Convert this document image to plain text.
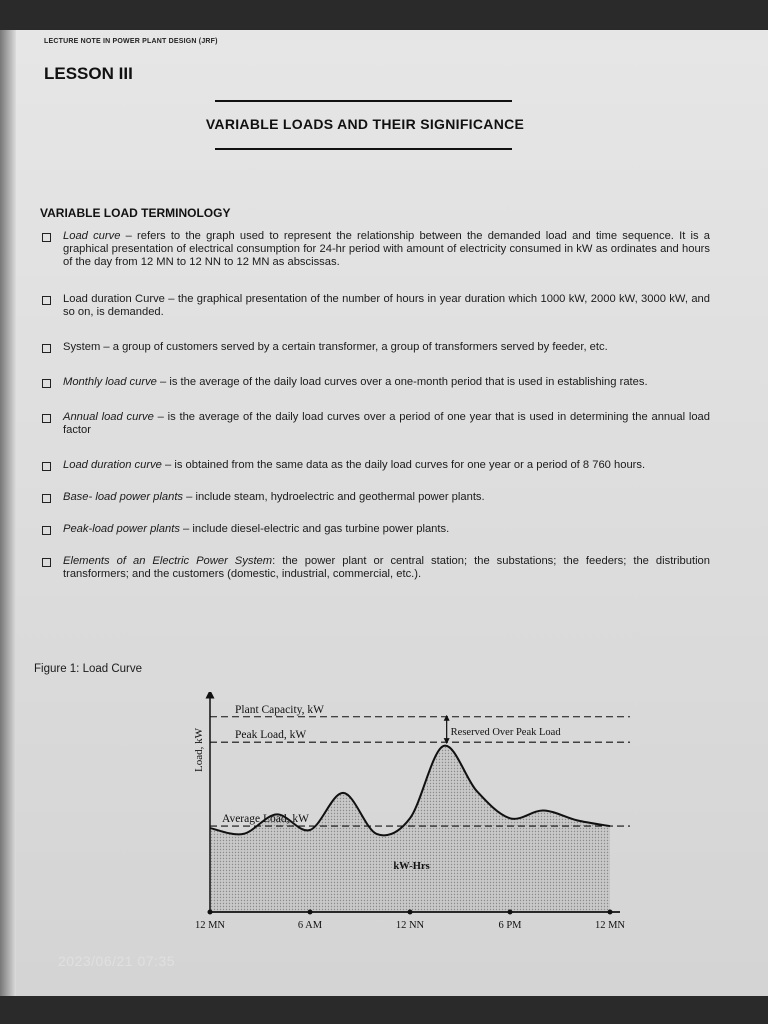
LECTURE NOTE IN POWER PLANT DESIGN (JRF)
LESSON III
VARIABLE LOADS AND THEIR SIGNIFICANCE
VARIABLE LOAD TERMINOLOGY
Load curve – refers to the graph used to represent the relationship between the demanded load and time sequence. It is a graphical presentation of electrical consumption for 24-hr period with amount of electricity consumed in kW as ordinates and hours of the day from 12 MN to 12 NN to 12 MN as abscissas.
Load duration Curve – the graphical presentation of the number of hours in year duration which 1000 kW, 2000 kW, 3000 kW, and so on, is demanded.
System – a group of customers served by a certain transformer, a group of transformers served by feeder, etc.
Monthly load curve – is the average of the daily load curves over a one-month period that is used in establishing rates.
Annual load curve – is the average of the daily load curves over a period of one year that is used in determining the annual load factor
Load duration curve – is obtained from the same data as the daily load curves for one year or a period of 8 760 hours.
Base- load power plants – include steam, hydroelectric and geothermal power plants.
Peak-load power plants – include diesel-electric and gas turbine power plants.
Elements of an Electric Power System: the power plant or central station; the substations; the feeders; the distribution transformers; and the customers (domestic, industrial, commercial, etc.).
Figure 1: Load Curve
Plant Capacity, kW
Peak Load, kW
Average Load, kW
Reserved Over Peak Load
kW-Hrs
Load, kW
12 MN	6 AM	12 NN	6 PM	12 MN
2023/06/21 07:35
